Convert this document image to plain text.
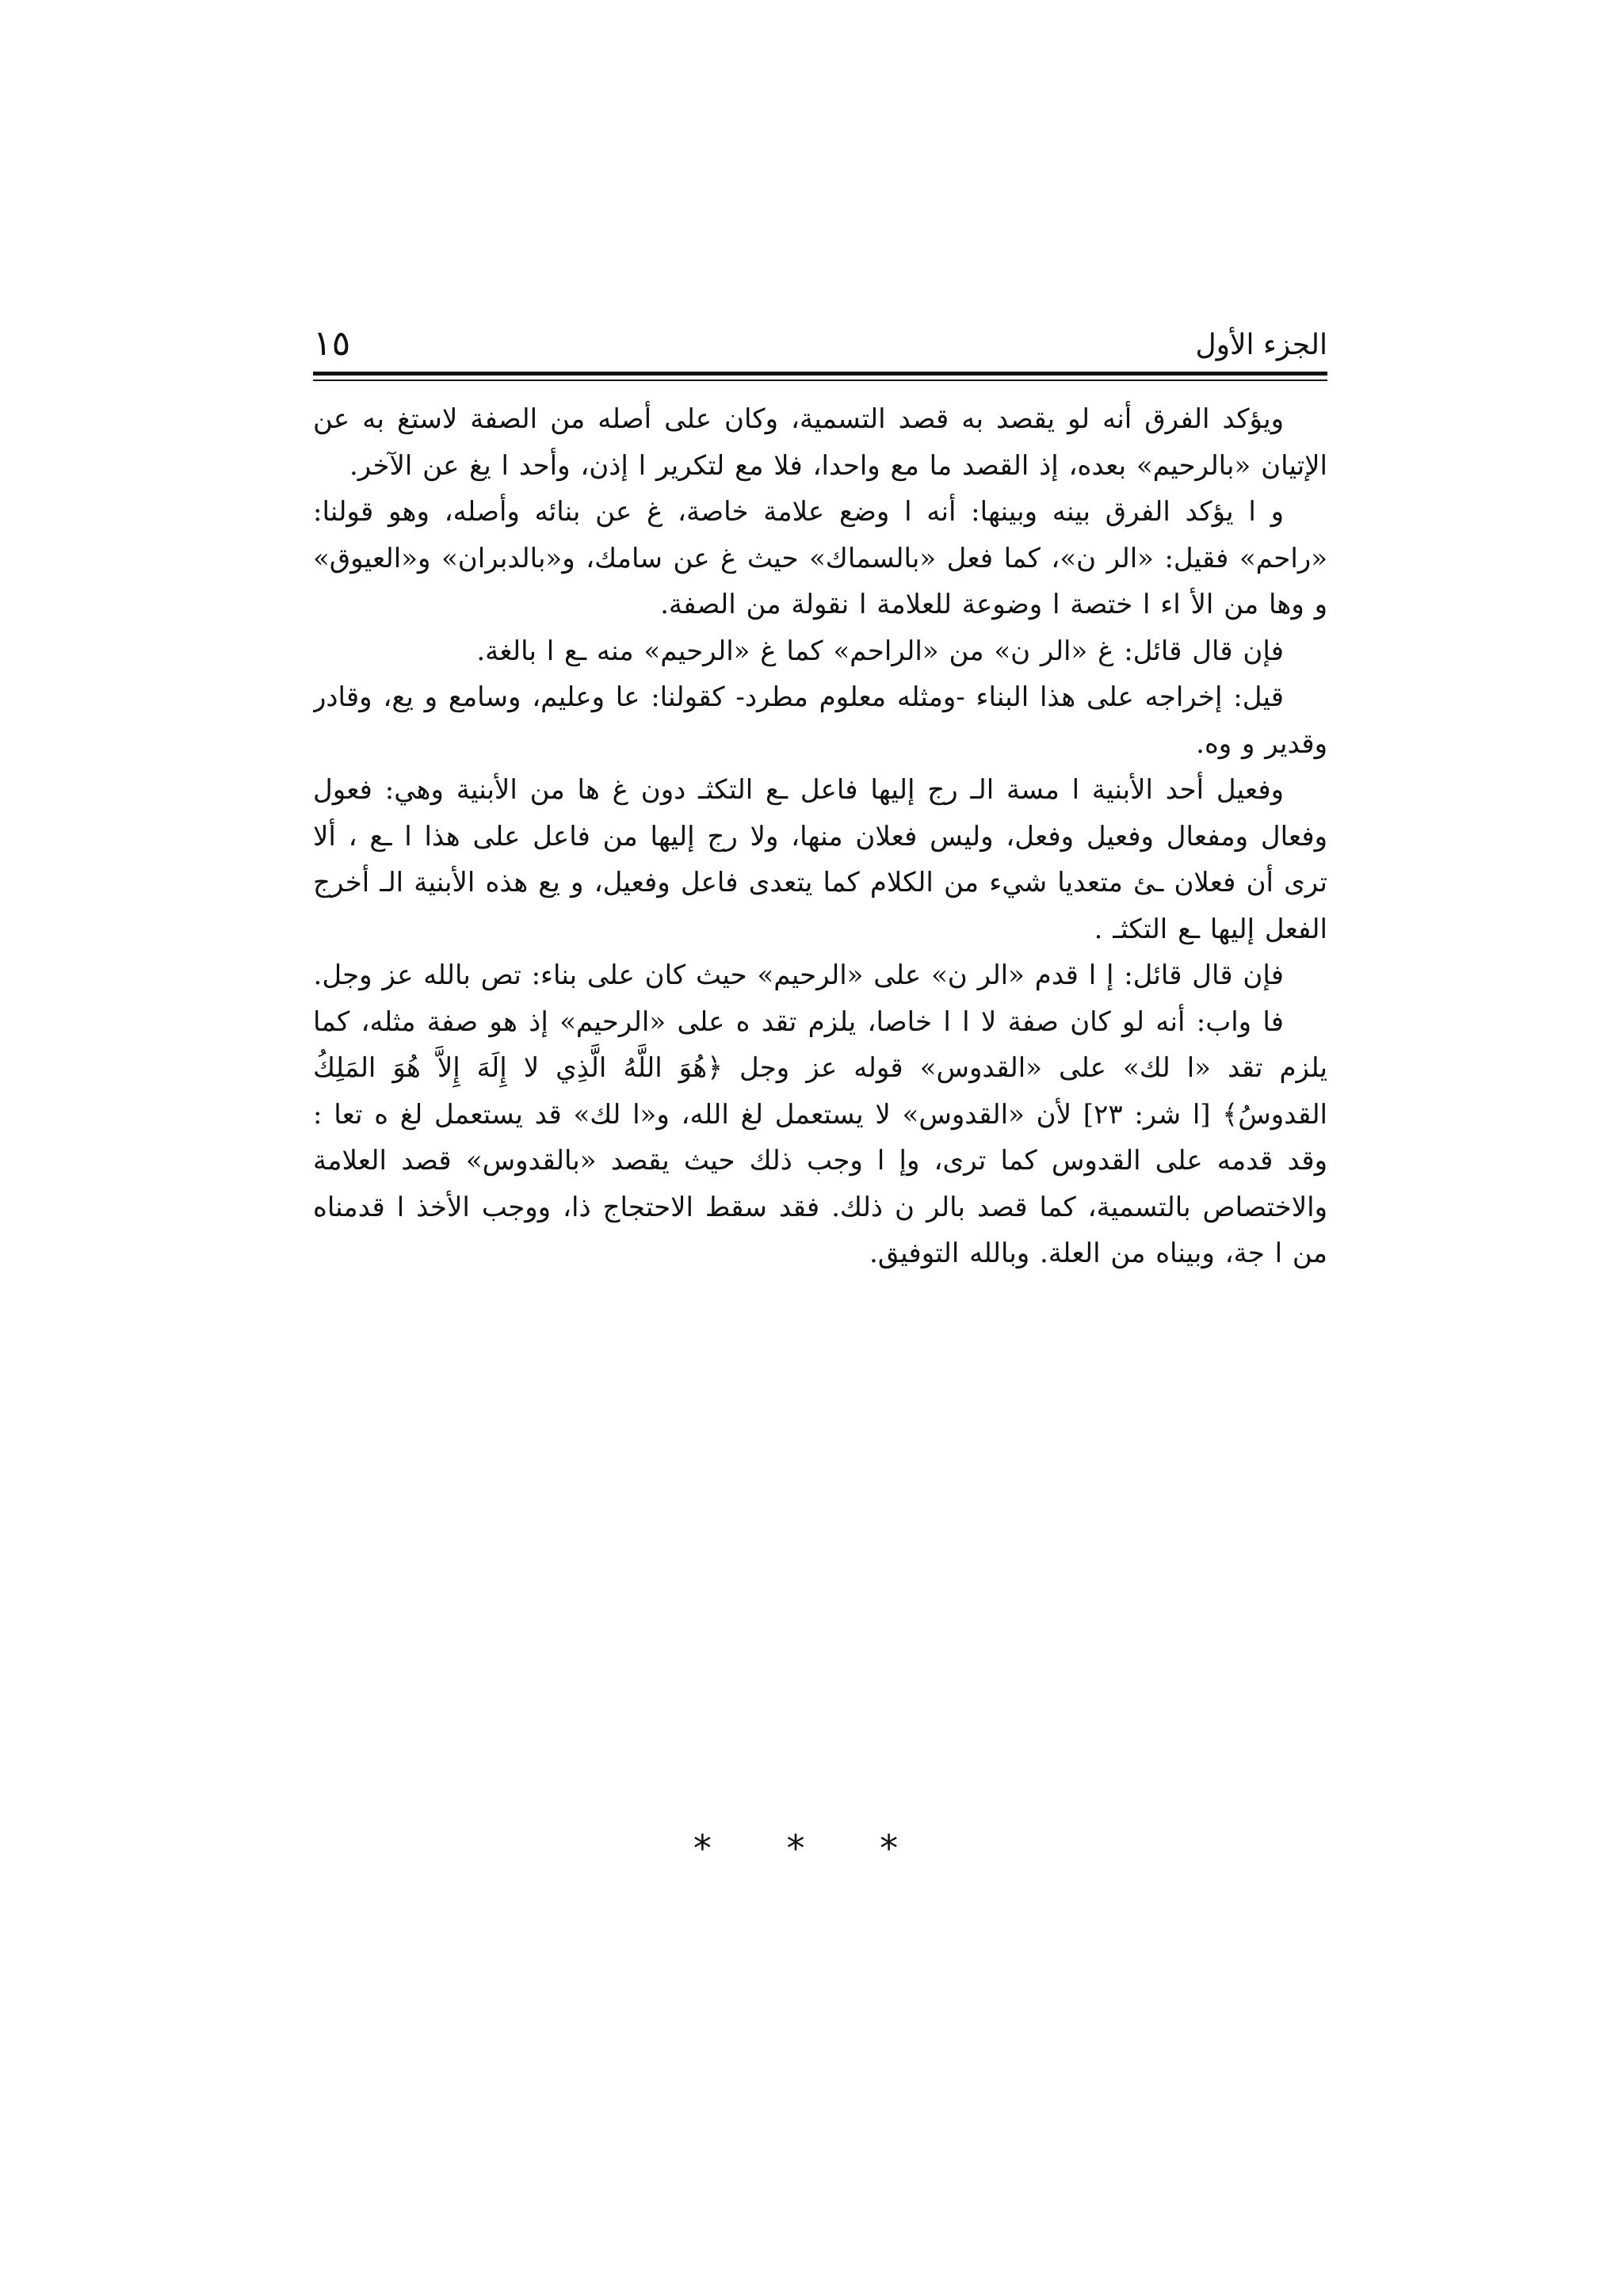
الجزء الأول
١٥

ويؤكد الفرق أنه لو يقصد به قصد التسمية، وكان على أصله من الصفة لاستغ به عن الإتيان «بالرحيم» بعده، إذ القصد ما مع واحدا، فلا مع لتكرير ا إذن، وأحد ا يغ عن الآخر.

و ا يؤكد الفرق بينه وبينها: أنه ا وضع علامة خاصة، غ عن بنائه وأصله، وهو قولنا: «راحم» فقيل: «الر ن»، كما فعل «بالسماك» حيث غ عن سامك، و«بالدبران» و«العيوق» و وها من الأ اء ا ختصة ا وضوعة للعلامة ا نقولة من الصفة.

فإن قال قائل: غ «الر ن» من «الراحم» كما غ «الرحيم» منه ـع ا بالغة.

قيل: إخراجه على هذا البناء -ومثله معلوم مطرد- كقولنا: عا وعليم، وسامع و يع، وقادر وقدير و وه.

وفعيل أحد الأبنية ا مسة الـ رج إليها فاعل ـع التكثـ دون غ ها من الأبنية وهي: فعول وفعال ومفعال وفعيل وفعل، وليس فعلان منها، ولا رج إليها من فاعل على هذا ا ـع ، ألا ترى أن فعلان ـئ متعديا شيء من الكلام كما يتعدى فاعل وفعيل، و يع هذه الأبنية الـ أخرج الفعل إليها ـع التكثـ .

فإن قال قائل: إ ا قدم «الر ن» على «الرحيم» حيث كان على بناء: تص بالله عز وجل.

فا واب: أنه لو كان صفة لا ا ا خاصا، يلزم تقد ه على «الرحيم» إذ هو صفة مثله، كما يلزم تقد «ا لك» على «القدوس» قوله عز وجل ﴿هُوَ اللَّهُ الَّذِي لا إِلَهَ إِلاَّ هُوَ المَلِكُ القدوسُ﴾ [ا شر: ٢٣] لأن «القدوس» لا يستعمل لغ الله، و«ا لك» قد يستعمل لغ ه تعا : وقد قدمه على القدوس كما ترى، وإ ا وجب ذلك حيث يقصد «بالقدوس» قصد العلامة والاختصاص بالتسمية، كما قصد بالر ن ذلك. فقد سقط الاحتجاج ذا، ووجب الأخذ ا قدمناه من ا جة، وبيناه من العلة. وبالله التوفيق.

* * *
